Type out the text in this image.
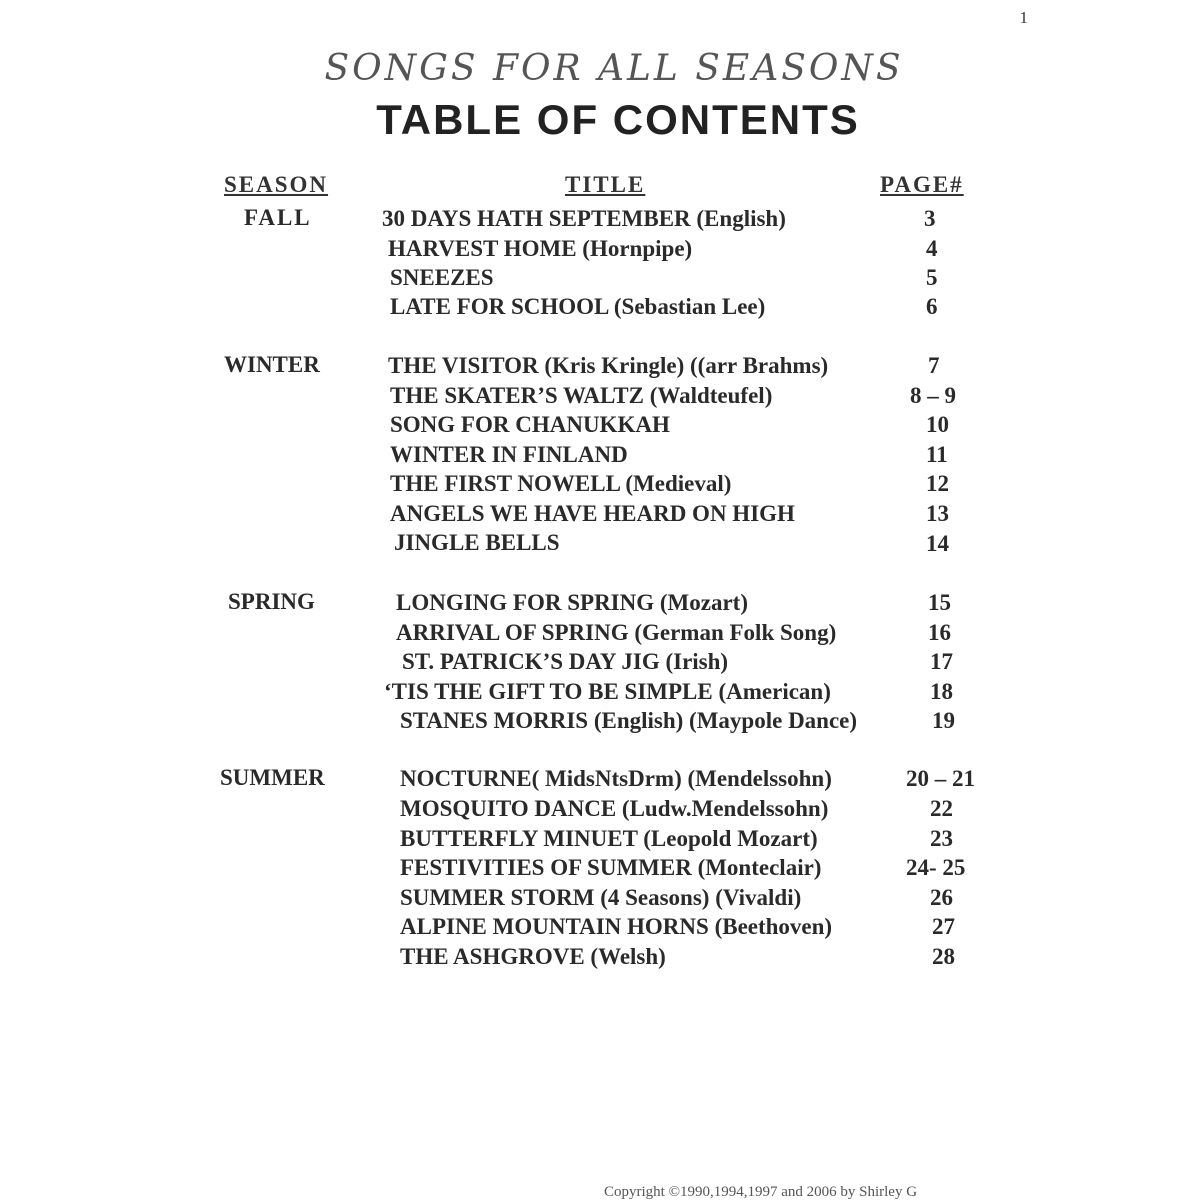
1
SONGS FOR ALL SEASONS
TABLE OF CONTENTS
SEASON	TITLE	PAGE#
FALL	30 DAYS HATH SEPTEMBER (English)	3
HARVEST HOME (Hornpipe)	4
SNEEZES	5
LATE FOR SCHOOL (Sebastian Lee)	6
WINTER	THE VISITOR (Kris Kringle) ((arr Brahms)	7
THE SKATER’S WALTZ (Waldteufel)	8 – 9
SONG FOR CHANUKKAH	10
WINTER IN FINLAND	11
THE FIRST NOWELL (Medieval)	12
ANGELS WE HAVE HEARD ON HIGH	13
JINGLE BELLS	14
SPRING	LONGING FOR SPRING (Mozart)	15
ARRIVAL OF SPRING (German Folk Song)	16
ST. PATRICK’S DAY JIG (Irish)	17
‘TIS THE GIFT TO BE SIMPLE (American)	18
STANES MORRIS (English) (Maypole Dance)	19
SUMMER	NOCTURNE( MidsNtsDrm) (Mendelssohn)	20 – 21
MOSQUITO DANCE (Ludw.Mendelssohn)	22
BUTTERFLY MINUET (Leopold Mozart)	23
FESTIVITIES OF SUMMER (Monteclair)	24- 25
SUMMER STORM (4 Seasons) (Vivaldi)	26
ALPINE MOUNTAIN HORNS (Beethoven)	27
THE ASHGROVE (Welsh)	28
Copyright ©1990,1994,1997 and 2006 by Shirley G
